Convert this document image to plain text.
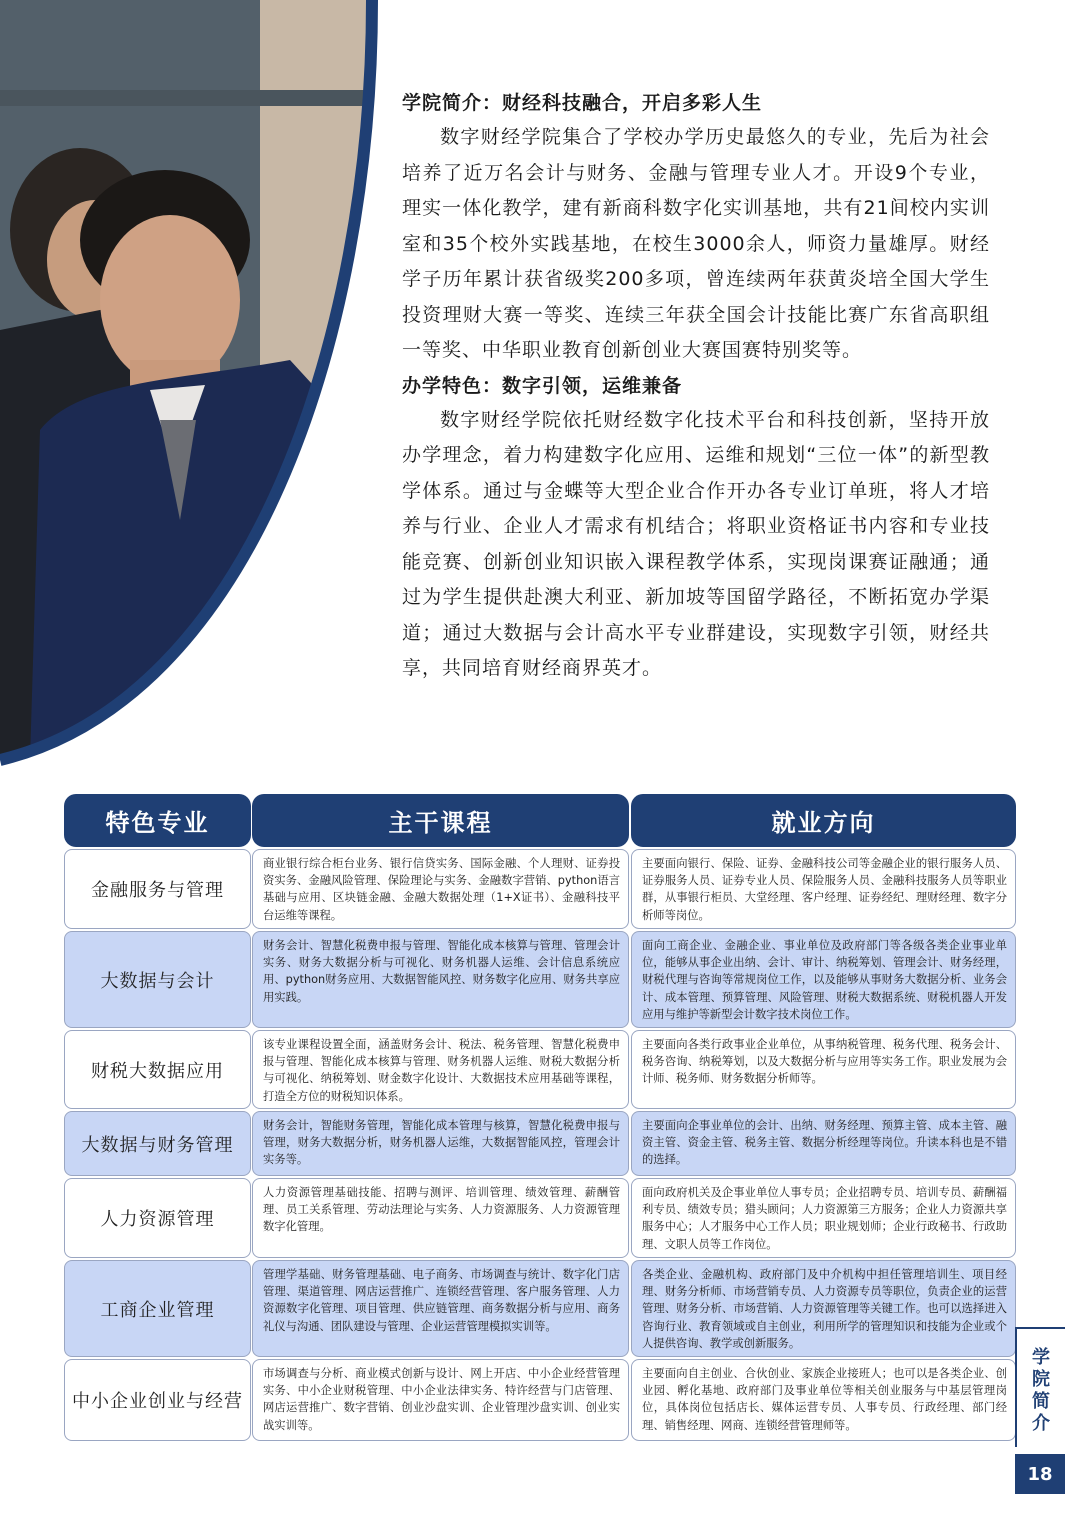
学院简介：财经科技融合，开启多彩人生

数字财经学院集合了学校办学历史最悠久的专业，先后为社会培养了近万名会计与财务、金融与管理专业人才。开设9个专业，理实一体化教学，建有新商科数字化实训基地，共有21间校内实训室和35个校外实践基地，在校生3000余人，师资力量雄厚。财经学子历年累计获省级奖200多项，曾连续两年获黄炎培全国大学生投资理财大赛一等奖、连续三年获全国会计技能比赛广东省高职组一等奖、中华职业教育创新创业大赛国赛特别奖等。

办学特色：数字引领，运维兼备

数字财经学院依托财经数字化技术平台和科技创新，坚持开放办学理念，着力构建数字化应用、运维和规划“三位一体”的新型教学体系。通过与金蝶等大型企业合作开办各专业订单班，将人才培养与行业、企业人才需求有机结合；将职业资格证书内容和专业技能竞赛、创新创业知识嵌入课程教学体系，实现岗课赛证融通；通过为学生提供赴澳大利亚、新加坡等国留学路径，不断拓宽办学渠道；通过大数据与会计高水平专业群建设，实现数字引领，财经共享，共同培育财经商界英才。

特色专业	主干课程	就业方向
金融服务与管理
商业银行综合柜台业务、银行信贷实务、国际金融、个人理财、证券投资实务、金融风险管理、保险理论与实务、金融数字营销、python语言基础与应用、区块链金融、金融大数据处理（1+X证书）、金融科技平台运维等课程。
主要面向银行、保险、证券、金融科技公司等金融企业的银行服务人员、证券服务人员、证券专业人员、保险服务人员、金融科技服务人员等职业群，从事银行柜员、大堂经理、客户经理、证券经纪、理财经理、数字分析师等岗位。
大数据与会计
财务会计、智慧化税费申报与管理、智能化成本核算与管理、管理会计实务、财务大数据分析与可视化、财务机器人运维、会计信息系统应用、python财务应用、大数据智能风控、财务数字化应用、财务共享应用实践。
面向工商企业、金融企业、事业单位及政府部门等各级各类企业事业单位，能够从事企业出纳、会计、审计、纳税筹划、管理会计、财务经理，财税代理与咨询等常规岗位工作，以及能够从事财务大数据分析、业务会计、成本管理、预算管理、风险管理、财税大数据系统、财税机器人开发应用与维护等新型会计数字技术岗位工作。
财税大数据应用
该专业课程设置全面，涵盖财务会计、税法、税务管理、智慧化税费申报与管理、智能化成本核算与管理、财务机器人运维、财税大数据分析与可视化、纳税筹划、财金数字化设计、大数据技术应用基础等课程，打造全方位的财税知识体系。
主要面向各类行政事业企业单位，从事纳税管理、税务代理、税务会计、税务咨询、纳税筹划，以及大数据分析与应用等实务工作。职业发展为会计师、税务师、财务数据分析师等。
大数据与财务管理
财务会计，智能财务管理，智能化成本管理与核算，智慧化税费申报与管理，财务大数据分析，财务机器人运维，大数据智能风控，管理会计实务等。
主要面向企事业单位的会计、出纳、财务经理、预算主管、成本主管、融资主管、资金主管、税务主管、数据分析经理等岗位。升读本科也是不错的选择。
人力资源管理
人力资源管理基础技能、招聘与测评、培训管理、绩效管理、薪酬管理、员工关系管理、劳动法理论与实务、人力资源服务、人力资源管理数字化管理。
面向政府机关及企事业单位人事专员；企业招聘专员、培训专员、薪酬福利专员、绩效专员；猎头顾问；人力资源第三方服务；企业人力资源共享服务中心；人才服务中心工作人员；职业规划师；企业行政秘书、行政助理、文职人员等工作岗位。
工商企业管理
管理学基础、财务管理基础、电子商务、市场调查与统计、数字化门店管理、渠道管理、网店运营推广、连锁经营管理、客户服务管理、人力资源数字化管理、项目管理、供应链管理、商务数据分析与应用、商务礼仪与沟通、团队建设与管理、企业运营管理模拟实训等。
各类企业、金融机构、政府部门及中介机构中担任管理培训生、项目经理、财务分析师、市场营销专员、人力资源专员等职位，负责企业的运营管理、财务分析、市场营销、人力资源管理等关键工作。也可以选择进入咨询行业、教育领域或自主创业，利用所学的管理知识和技能为企业或个人提供咨询、教学或创新服务。
中小企业创业与经营
市场调查与分析、商业模式创新与设计、网上开店、中小企业经营管理实务、中小企业财税管理、中小企业法律实务、特许经营与门店管理、网店运营推广、数字营销、创业沙盘实训、企业管理沙盘实训、创业实战实训等。
主要面向自主创业、合伙创业、家族企业接班人；也可以是各类企业、创业园、孵化基地、政府部门及事业单位等相关创业服务与中基层管理岗位，具体岗位包括店长、媒体运营专员、人事专员、行政经理、部门经理、销售经理、网商、连锁经营管理师等。
学院简介
18
